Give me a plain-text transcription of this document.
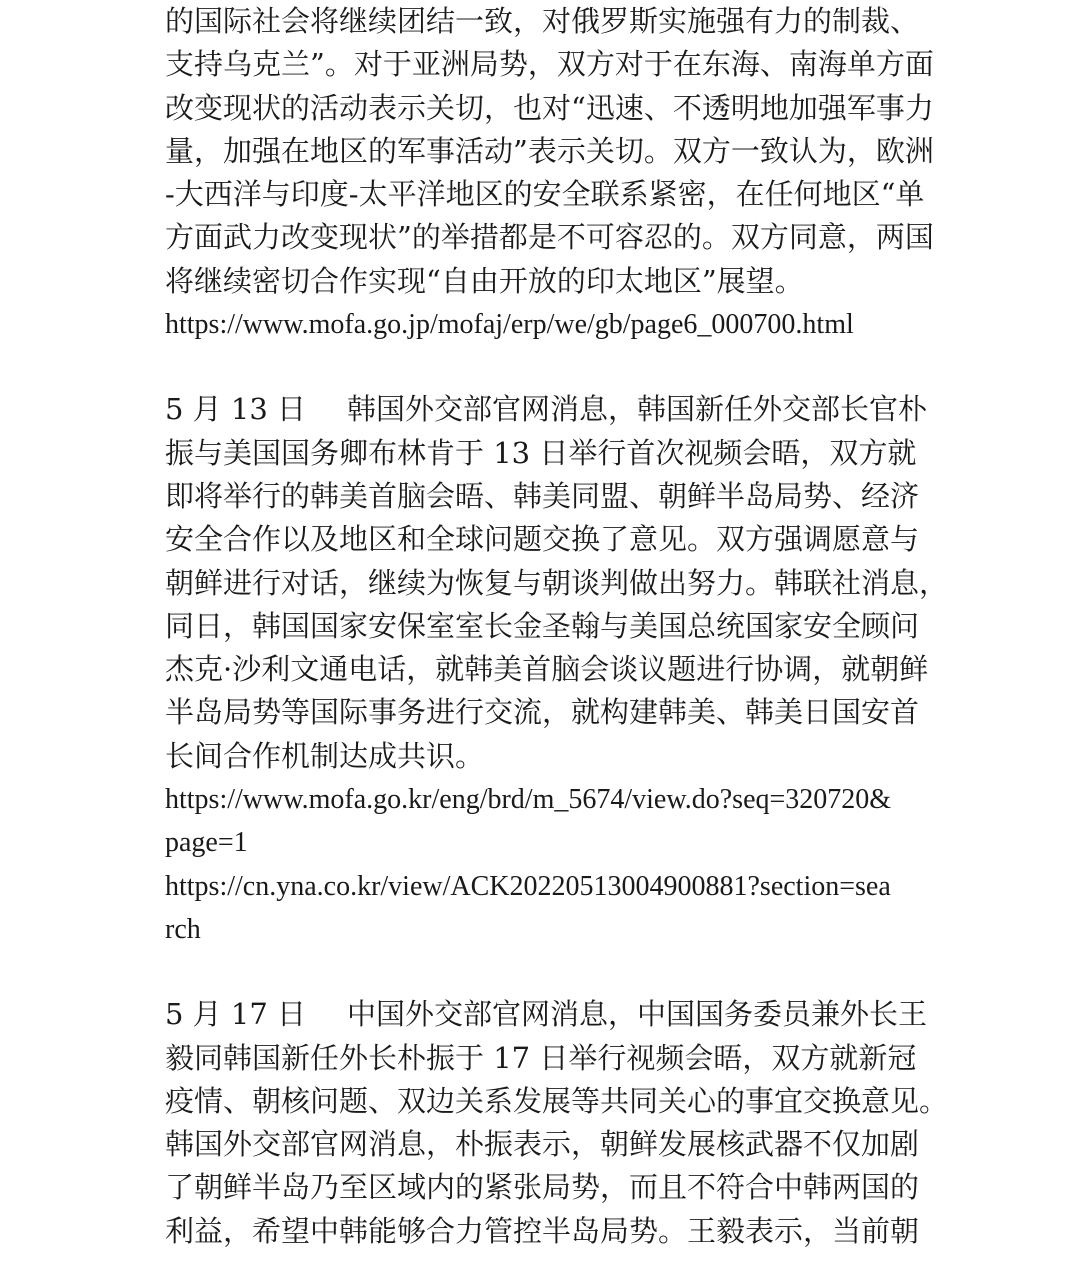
的国际社会将继续团结一致，对俄罗斯实施强有力的制裁、
支持乌克兰”。对于亚洲局势，双方对于在东海、南海单方面
改变现状的活动表示关切，也对“迅速、不透明地加强军事力
量，加强在地区的军事活动”表示关切。双方一致认为，欧洲
-大西洋与印度-太平洋地区的安全联系紧密，在任何地区“单
方面武力改变现状”的举措都是不可容忍的。双方同意，两国
将继续密切合作实现“自由开放的印太地区”展望。
https://www.mofa.go.jp/mofaj/erp/we/gb/page6_000700.html
5 月 13 日 韩国外交部官网消息，韩国新任外交部长官朴
振与美国国务卿布林肯于 13 日举行首次视频会晤，双方就
即将举行的韩美首脑会晤、韩美同盟、朝鲜半岛局势、经济
安全合作以及地区和全球问题交换了意见。双方强调愿意与
朝鲜进行对话，继续为恢复与朝谈判做出努力。韩联社消息，
同日，韩国国家安保室室长金圣翰与美国总统国家安全顾问
杰克·沙利文通电话，就韩美首脑会谈议题进行协调，就朝鲜
半岛局势等国际事务进行交流，就构建韩美、韩美日国安首
长间合作机制达成共识。
https://www.mofa.go.kr/eng/brd/m_5674/view.do?seq=320720&
page=1
https://cn.yna.co.kr/view/ACK20220513004900881?section=sea
rch
5 月 17 日 中国外交部官网消息，中国国务委员兼外长王
毅同韩国新任外长朴振于 17 日举行视频会晤，双方就新冠
疫情、朝核问题、双边关系发展等共同关心的事宜交换意见。
韩国外交部官网消息，朴振表示，朝鲜发展核武器不仅加剧
了朝鲜半岛乃至区域内的紧张局势，而且不符合中韩两国的
利益，希望中韩能够合力管控半岛局势。王毅表示，当前朝
